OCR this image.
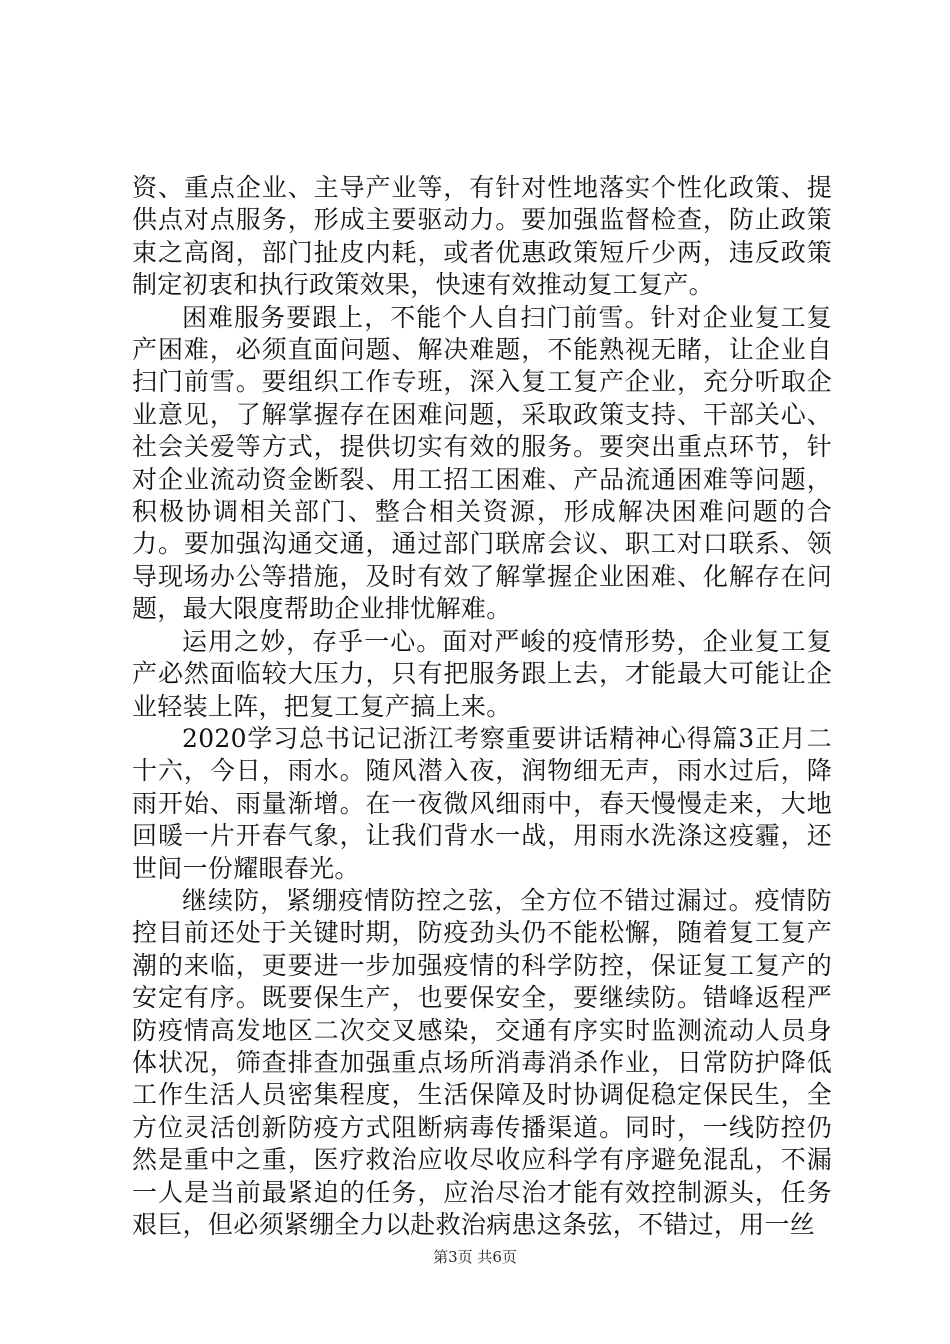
资、重点企业、主导产业等，有针对性地落实个性化政策、提供点对点服务，形成主要驱动力。要加强监督检查，防止政策束之高阁，部门扯皮内耗，或者优惠政策短斤少两，违反政策制定初衷和执行政策效果，快速有效推动复工复产。

困难服务要跟上，不能个人自扫门前雪。针对企业复工复产困难，必须直面问题、解决难题，不能熟视无睹，让企业自扫门前雪。要组织工作专班，深入复工复产企业，充分听取企业意见，了解掌握存在困难问题，采取政策支持、干部关心、社会关爱等方式，提供切实有效的服务。要突出重点环节，针对企业流动资金断裂、用工招工困难、产品流通困难等问题，积极协调相关部门、整合相关资源，形成解决困难问题的合力。要加强沟通交通，通过部门联席会议、职工对口联系、领导现场办公等措施，及时有效了解掌握企业困难、化解存在问题，最大限度帮助企业排忧解难。

运用之妙，存乎一心。面对严峻的疫情形势，企业复工复产必然面临较大压力，只有把服务跟上去，才能最大可能让企业轻装上阵，把复工复产搞上来。

2020学习总书记记浙江考察重要讲话精神心得篇3正月二十六，今日，雨水。随风潜入夜，润物细无声，雨水过后，降雨开始、雨量渐增。在一夜微风细雨中，春天慢慢走来，大地回暖一片开春气象，让我们背水一战，用雨水洗涤这疫霾，还世间一份耀眼春光。

继续防，紧绷疫情防控之弦，全方位不错过漏过。疫情防控目前还处于关键时期，防疫劲头仍不能松懈，随着复工复产潮的来临，更要进一步加强疫情的科学防控，保证复工复产的安定有序。既要保生产，也要保安全，要继续防。错峰返程严防疫情高发地区二次交叉感染，交通有序实时监测流动人员身体状况，筛查排查加强重点场所消毒消杀作业，日常防护降低工作生活人员密集程度，生活保障及时协调促稳定保民生，全方位灵活创新防疫方式阻断病毒传播渠道。同时，一线防控仍然是重中之重，医疗救治应收尽收应科学有序避免混乱，不漏一人是当前最紧迫的任务，应治尽治才能有效控制源头，任务艰巨，但必须紧绷全力以赴救治病患这条弦，不错过，用一丝

第3页 共6页
